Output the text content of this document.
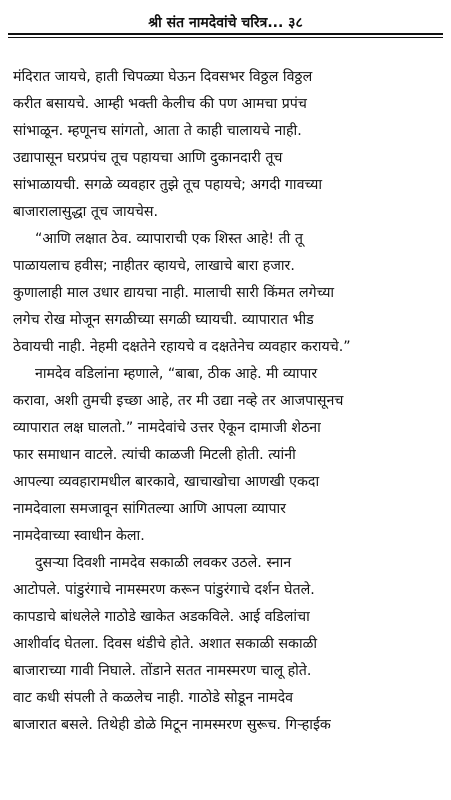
श्री संत नामदेवांचे चरित्र... ३८
मंदिरात जायचे, हाती चिपळ्या घेऊन दिवसभर विठ्ठल विठ्ठल
करीत बसायचे. आम्ही भक्ती केलीच की पण आमचा प्रपंच
सांभाळून. म्हणूनच सांगतो, आता ते काही चालायचे नाही.
उद्यापासून घरप्रपंच तूच पहायचा आणि दुकानदारी तूच
सांभाळायची. सगळे व्यवहार तुझे तूच पहायचे; अगदी गावच्या
बाजारालासुद्धा तूच जायचेस.
“आणि लक्षात ठेव. व्यापाराची एक शिस्त आहे! ती तू
पाळायलाच हवीस; नाहीतर व्हायचे, लाखाचे बारा हजार.
कुणालाही माल उधार द्यायचा नाही. मालाची सारी किंमत लगेच्या
लगेच रोख मोजून सगळीच्या सगळी घ्यायची. व्यापारात भीड
ठेवायची नाही. नेहमी दक्षतेने रहायचे व दक्षतेनेच व्यवहार करायचे.”
नामदेव वडिलांना म्हणाले, “बाबा, ठीक आहे. मी व्यापार
करावा, अशी तुमची इच्छा आहे, तर मी उद्या नव्हे तर आजपासूनच
व्यापारात लक्ष घालतो.” नामदेवांचे उत्तर ऐकून दामाजी शेठना
फार समाधान वाटले. त्यांची काळजी मिटली होती. त्यांनी
आपल्या व्यवहारामधील बारकावे, खाचाखोचा आणखी एकदा
नामदेवाला समजावून सांगितल्या आणि आपला व्यापार
नामदेवाच्या स्वाधीन केला.
दुसऱ्या दिवशी नामदेव सकाळी लवकर उठले. स्नान
आटोपले. पांडुरंगाचे नामस्मरण करून पांडुरंगाचे दर्शन घेतले.
कापडाचे बांधलेले गाठोडे खाकेत अडकविले. आई वडिलांचा
आशीर्वाद घेतला. दिवस थंडीचे होते. अशात सकाळी सकाळी
बाजाराच्या गावी निघाले. तोंडाने सतत नामस्मरण चालू होते.
वाट कधी संपली ते कळलेच नाही. गाठोडे सोडून नामदेव
बाजारात बसले. तिथेही डोळे मिटून नामस्मरण सुरूच. गिऱ्हाईक
